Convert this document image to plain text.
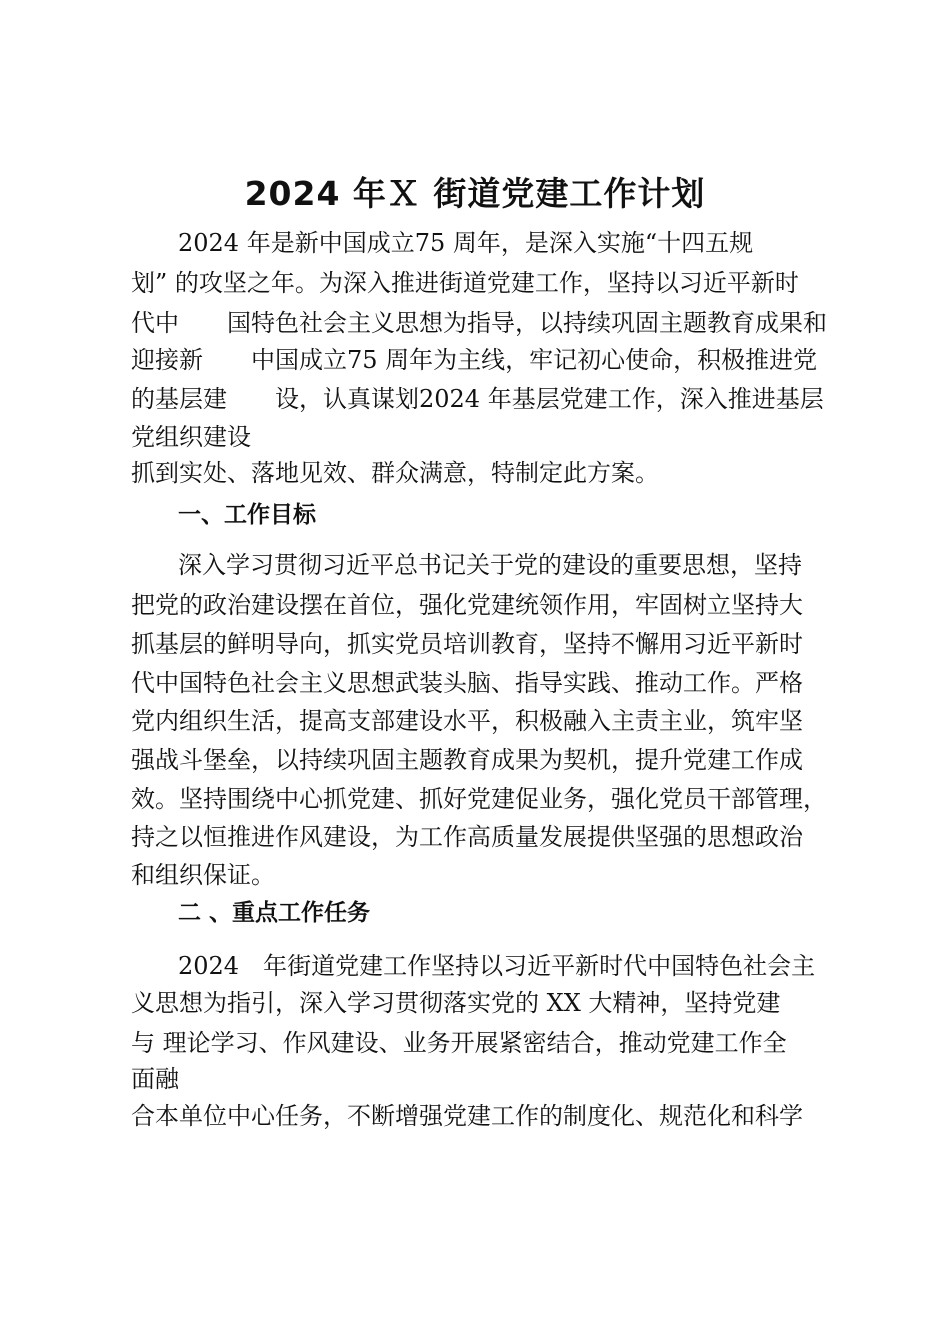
2024 年Ｘ 街道党建工作计划
2024 年是新中国成立75 周年，是深入实施“十四五规
划” 的攻坚之年。为深入推进街道党建工作，坚持以习近平新时
代中　　国特色社会主义思想为指导，以持续巩固主题教育成果和
迎接新　　中国成立75 周年为主线，牢记初心使命，积极推进党
的基层建　　设，认真谋划2024 年基层党建工作，深入推进基层
党组织建设
抓到实处、落地见效、群众满意，特制定此方案。
一、工作目标
深入学习贯彻习近平总书记关于党的建设的重要思想，坚持
把党的政治建设摆在首位，强化党建统领作用，牢固树立坚持大
抓基层的鲜明导向，抓实党员培训教育，坚持不懈用习近平新时
代中国特色社会主义思想武装头脑、指导实践、推动工作。严格
党内组织生活，提高支部建设水平，积极融入主责主业，筑牢坚
强战斗堡垒，以持续巩固主题教育成果为契机，提升党建工作成
效。坚持围绕中心抓党建、抓好党建促业务，强化党员干部管理，
持之以恒推进作风建设，为工作高质量发展提供坚强的思想政治
和组织保证。
二 、重点工作任务
2024　年街道党建工作坚持以习近平新时代中国特色社会主
义思想为指引，深入学习贯彻落实党的 XX 大精神，坚持党建
与 理论学习、作风建设、业务开展紧密结合，推动党建工作全
面融
合本单位中心任务，不断增强党建工作的制度化、规范化和科学
